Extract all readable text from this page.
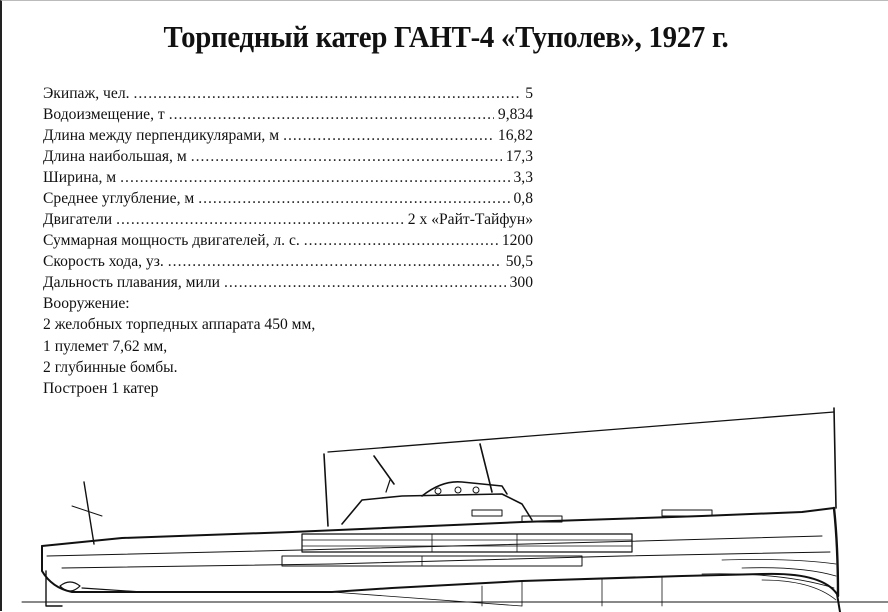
Торпедный катер ГАНТ-4 «Туполев», 1927 г.
Экипаж, чел. .....	5
Водоизмещение, т .....	9,834
Длина между перпендикулярами, м .....	16,82
Длина наибольшая, м .....	17,3
Ширина, м .....	3,3
Среднее углубление, м .....	0,8
Двигатели .....	2 х «Райт-Тайфун»
Суммарная мощность двигателей, л. с. .....	1200
Скорость хода, уз. .....	50,5
Дальность плавания, мили .....	300
Вооружение:
2 желобных торпедных аппарата 450 мм,
1 пулемет 7,62 мм,
2 глубинные бомбы.
Построен 1 катер
